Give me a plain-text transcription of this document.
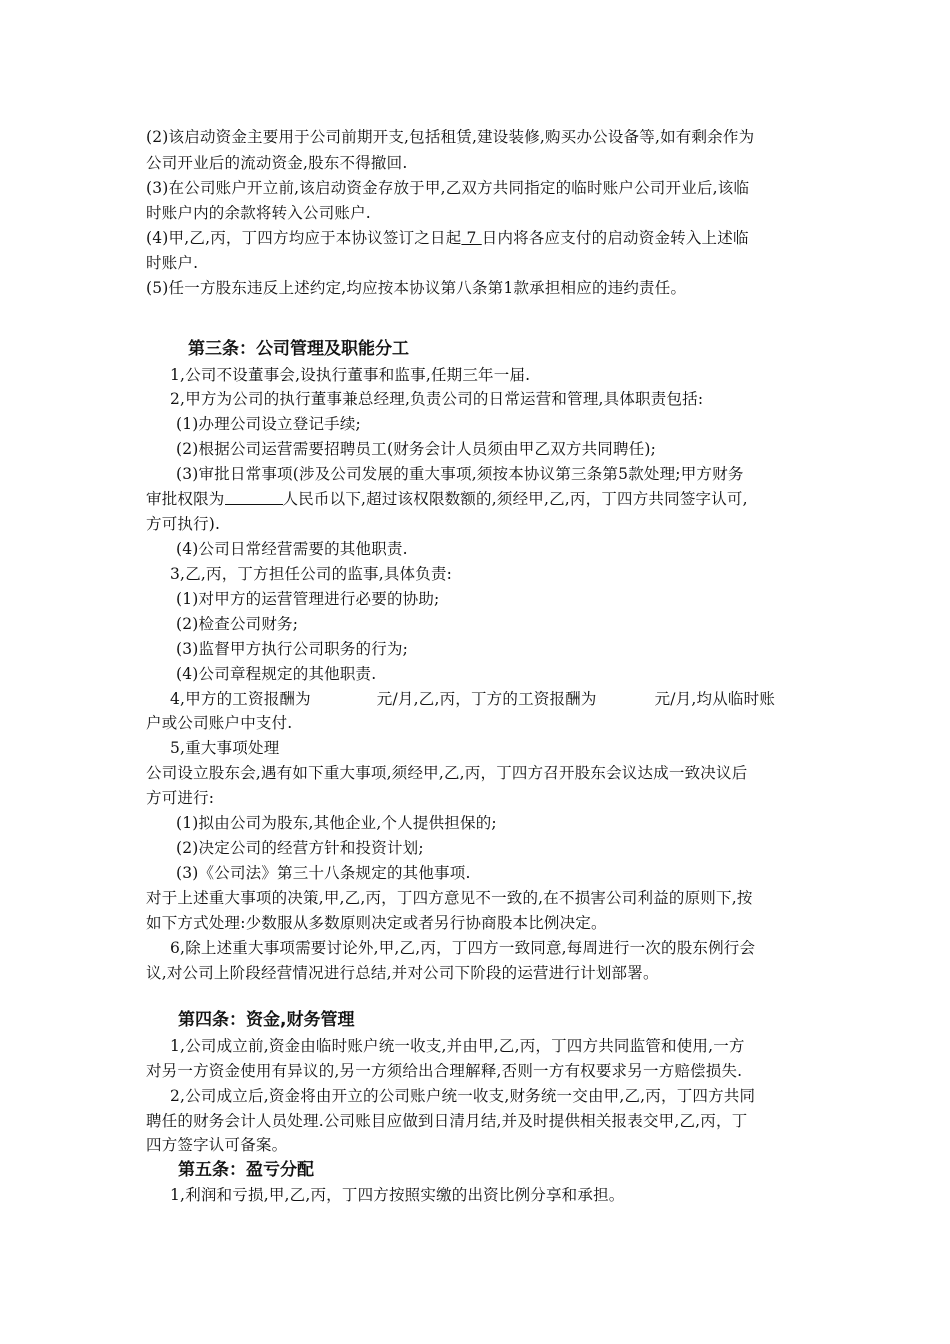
(2)该启动资金主要用于公司前期开支,包括租赁,建设装修,购买办公设备等,如有剩余作为
公司开业后的流动资金,股东不得撤回.
(3)在公司账户开立前,该启动资金存放于甲,乙双方共同指定的临时账户公司开业后,该临
时账户内的余款将转入公司账户.
(4)甲,乙,丙，丁四方均应于本协议签订之日起 7 日内将各应支付的启动资金转入上述临
时账户.
(5)任一方股东违反上述约定,均应按本协议第八条第1款承担相应的违约责任。
第三条：公司管理及职能分工
1,公司不设董事会,设执行董事和监事,任期三年一届.
2,甲方为公司的执行董事兼总经理,负责公司的日常运营和管理,具体职责包括:
(1)办理公司设立登记手续;
(2)根据公司运营需要招聘员工(财务会计人员须由甲乙双方共同聘任);
(3)审批日常事项(涉及公司发展的重大事项,须按本协议第三条第5款处理;甲方财务
审批权限为	人民币以下,超过该权限数额的,须经甲,乙,丙，丁四方共同签字认可,
方可执行).
(4)公司日常经营需要的其他职责.
3,乙,丙，丁方担任公司的监事,具体负责:
(1)对甲方的运营管理进行必要的协助;
(2)检查公司财务;
(3)监督甲方执行公司职务的行为;
(4)公司章程规定的其他职责.
4,甲方的工资报酬为	元/月,乙,丙，丁方的工资报酬为	元/月,均从临时账
户或公司账户中支付.
5,重大事项处理
公司设立股东会,遇有如下重大事项,须经甲,乙,丙，丁四方召开股东会议达成一致决议后
方可进行:
(1)拟由公司为股东,其他企业,个人提供担保的;
(2)决定公司的经营方针和投资计划;
(3)《公司法》第三十八条规定的其他事项.
对于上述重大事项的决策,甲,乙,丙，丁四方意见不一致的,在不损害公司利益的原则下,按
如下方式处理:少数服从多数原则决定或者另行协商股本比例决定。
6,除上述重大事项需要讨论外,甲,乙,丙，丁四方一致同意,每周进行一次的股东例行会
议,对公司上阶段经营情况进行总结,并对公司下阶段的运营进行计划部署。
第四条：资金,财务管理
1,公司成立前,资金由临时账户统一收支,并由甲,乙,丙，丁四方共同监管和使用,一方
对另一方资金使用有异议的,另一方须给出合理解释,否则一方有权要求另一方赔偿损失.
2,公司成立后,资金将由开立的公司账户统一收支,财务统一交由甲,乙,丙，丁四方共同
聘任的财务会计人员处理.公司账目应做到日清月结,并及时提供相关报表交甲,乙,丙，丁
四方签字认可备案。
第五条：盈亏分配
1,利润和亏损,甲,乙,丙，丁四方按照实缴的出资比例分享和承担。
